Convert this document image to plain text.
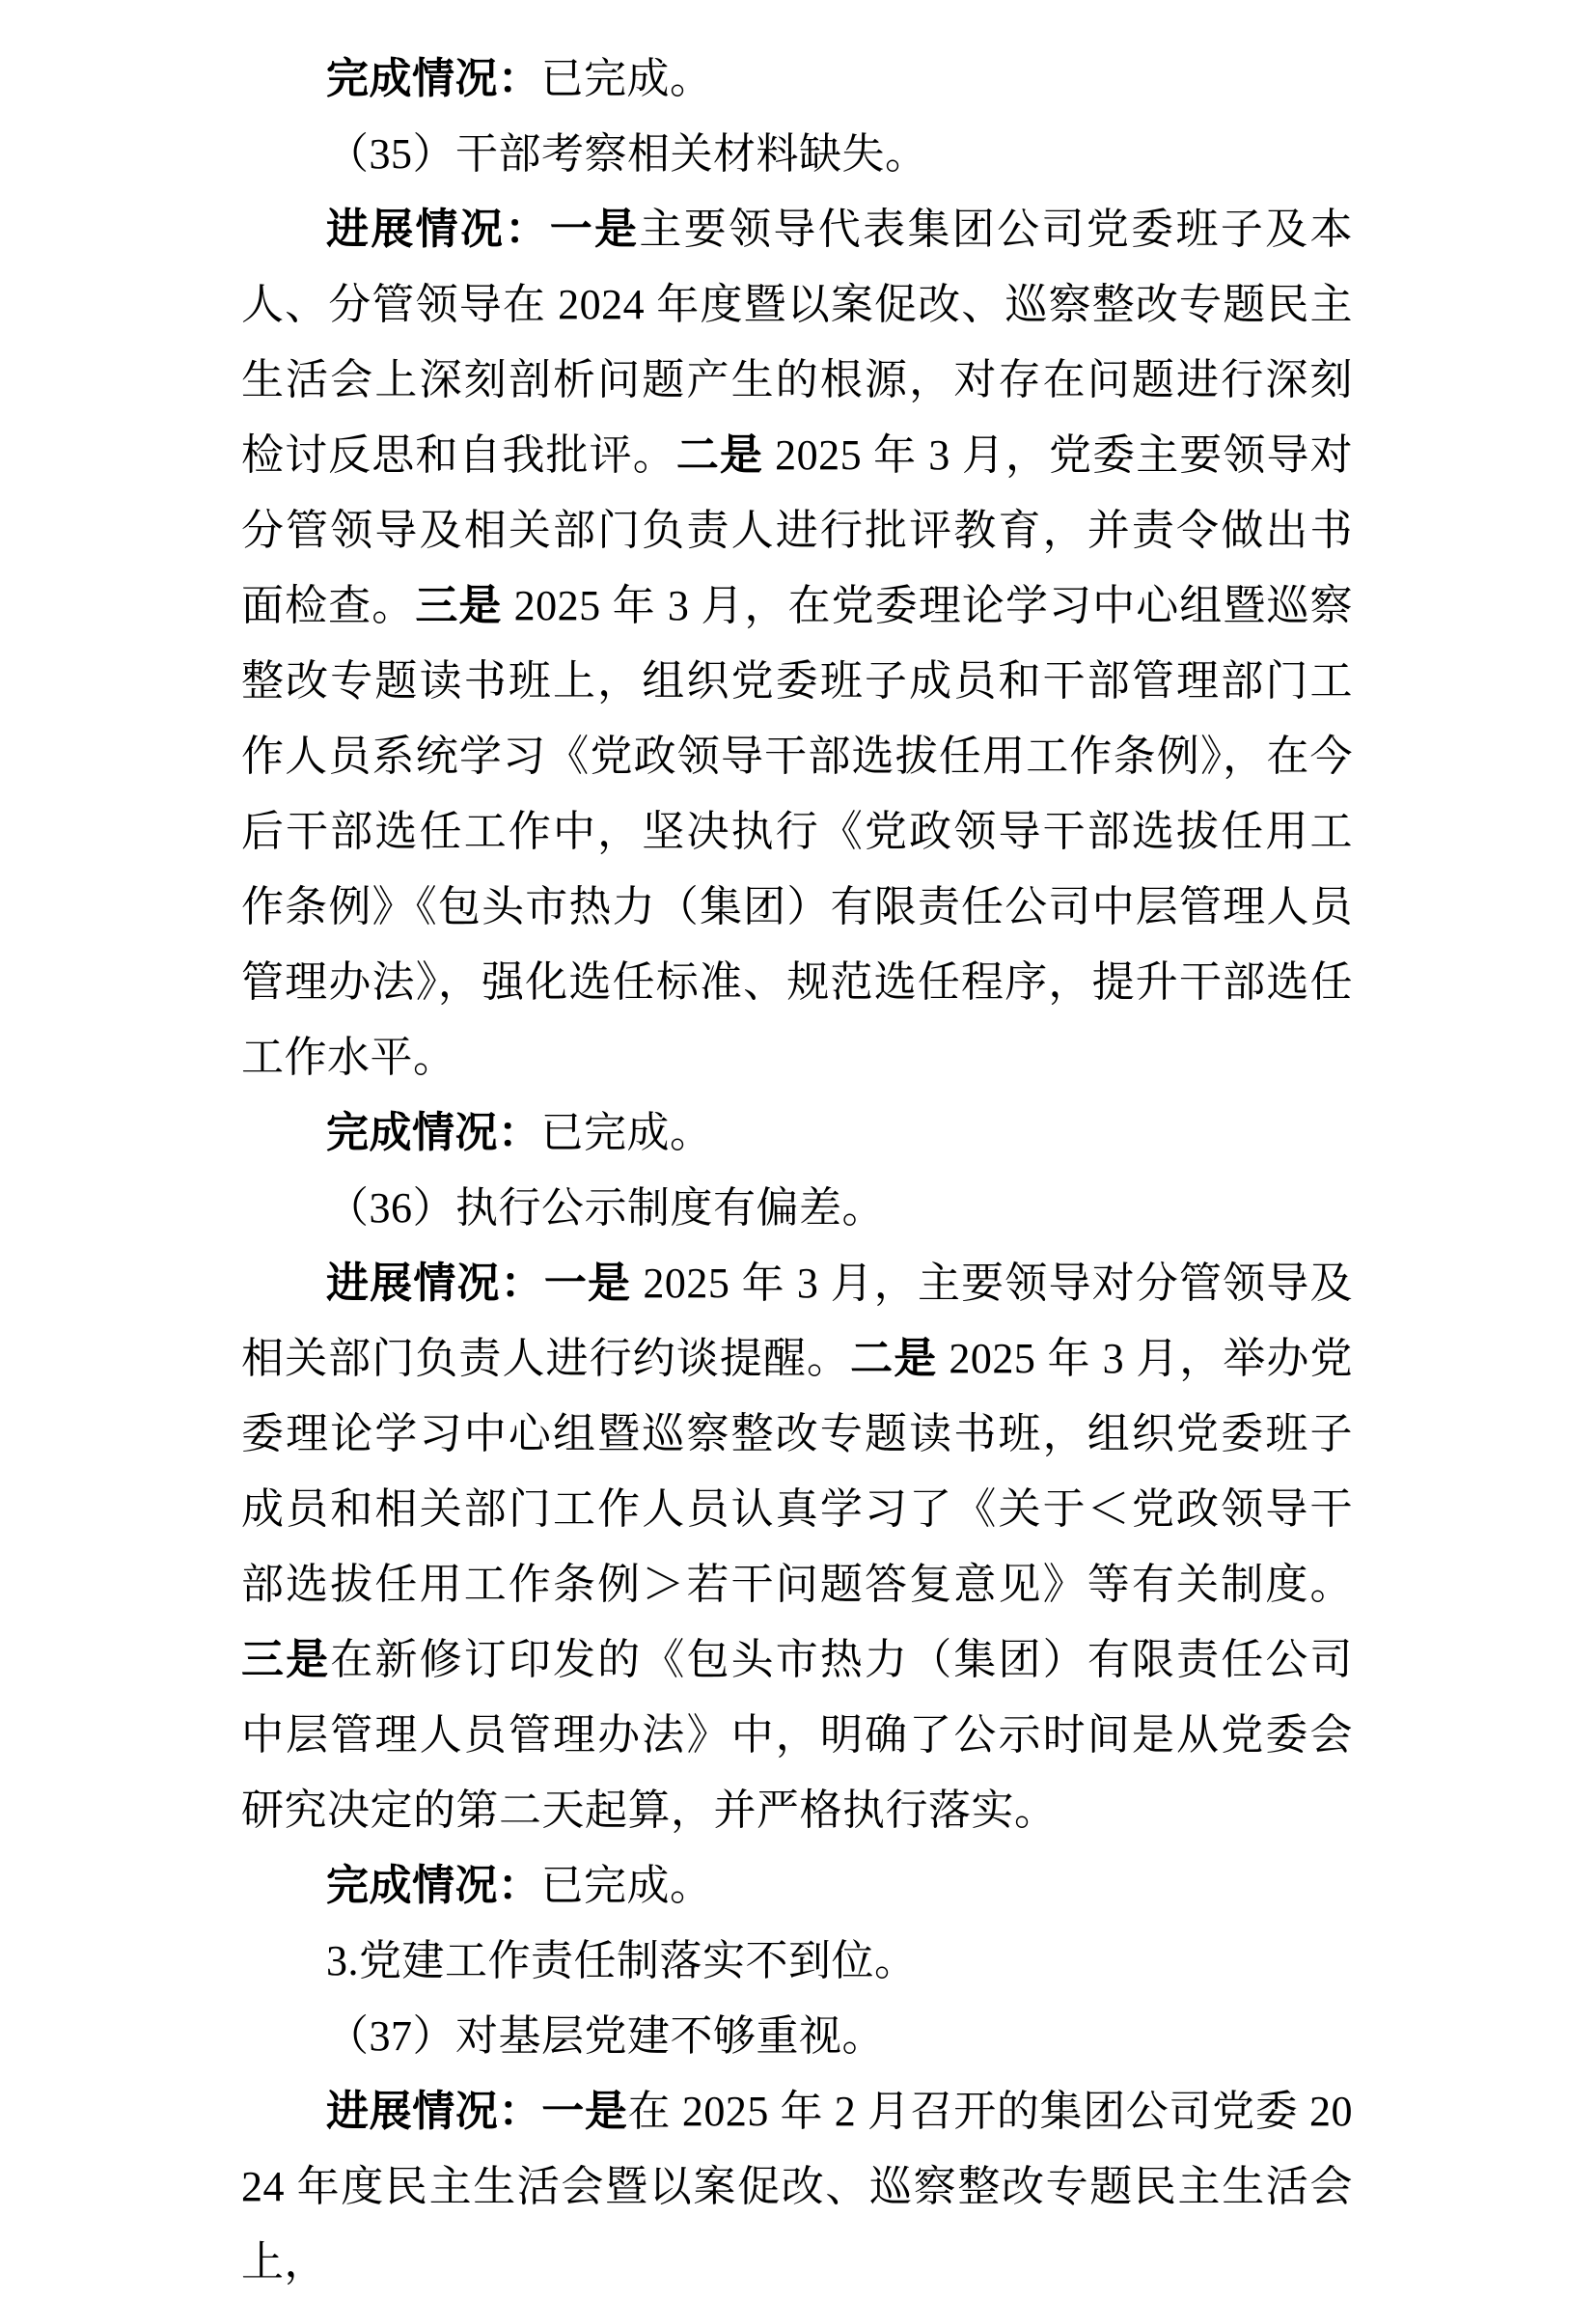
完成情况：已完成。

（35）干部考察相关材料缺失。

进展情况：一是主要领导代表集团公司党委班子及本人、分管领导在 2024 年度暨以案促改、巡察整改专题民主生活会上深刻剖析问题产生的根源，对存在问题进行深刻检讨反思和自我批评。二是 2025 年 3 月，党委主要领导对分管领导及相关部门负责人进行批评教育，并责令做出书面检查。三是 2025 年 3 月，在党委理论学习中心组暨巡察整改专题读书班上，组织党委班子成员和干部管理部门工作人员系统学习《党政领导干部选拔任用工作条例》，在今后干部选任工作中，坚决执行《党政领导干部选拔任用工作条例》《包头市热力（集团）有限责任公司中层管理人员管理办法》，强化选任标准、规范选任程序，提升干部选任工作水平。

完成情况：已完成。

（36）执行公示制度有偏差。

进展情况：一是 2025 年 3 月，主要领导对分管领导及相关部门负责人进行约谈提醒。二是 2025 年 3 月，举办党委理论学习中心组暨巡察整改专题读书班，组织党委班子成员和相关部门工作人员认真学习了《关于＜党政领导干部选拔任用工作条例＞若干问题答复意见》等有关制度。三是在新修订印发的《包头市热力（集团）有限责任公司中层管理人员管理办法》中，明确了公示时间是从党委会研究决定的第二天起算，并严格执行落实。

完成情况：已完成。

3.党建工作责任制落实不到位。

（37）对基层党建不够重视。

进展情况：一是在 2025 年 2 月召开的集团公司党委 2024 年度民主生活会暨以案促改、巡察整改专题民主生活会上，
